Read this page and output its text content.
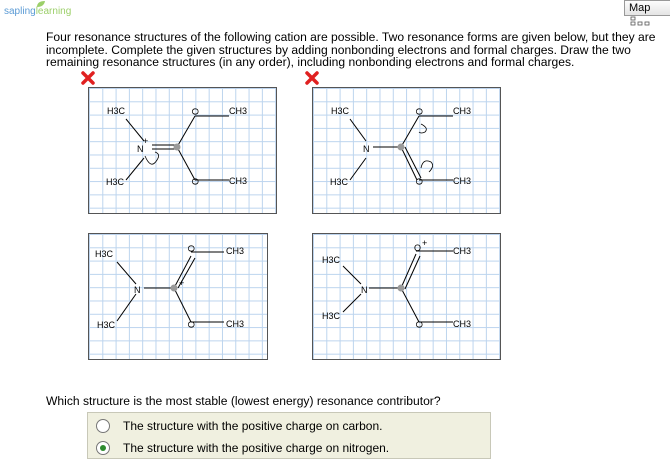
saplinglearning	Map
Four resonance structures of the following cation are possible. Two resonance forms are given below, but they are incomplete. Complete the given structures by adding nonbonding electrons and formal charges. Draw the two remaining resonance structures (in any order), including nonbonding electrons and formal charges.
H3C
H3C
N
+
O
O
CH3
CH3
H3C
H3C
N
O
O
CH3
CH3
H3C
H3C
N
+
O
O
CH3
CH3
H3C
H3C
N
+
O
O
CH3
CH3
Which structure is the most stable (lowest energy) resonance contributor?
The structure with the positive charge on carbon.
The structure with the positive charge on nitrogen.
